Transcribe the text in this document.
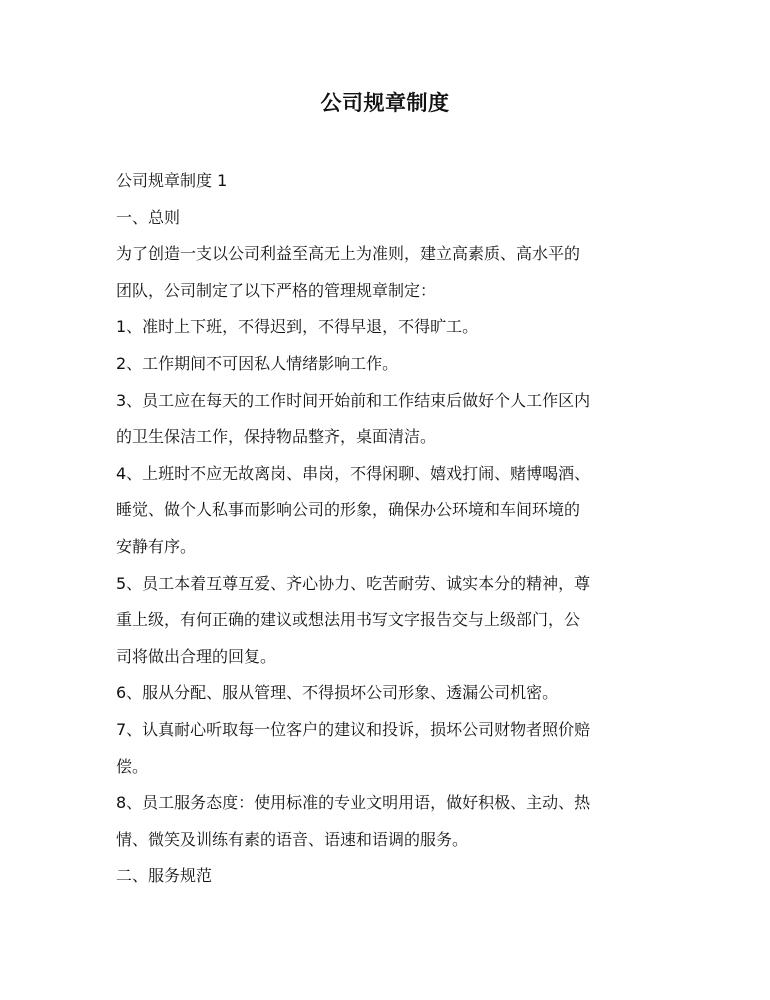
公司规章制度
公司规章制度 1
一、总则
为了创造一支以公司利益至高无上为准则，建立高素质、高水平的
团队，公司制定了以下严格的管理规章制定：
1、准时上下班，不得迟到，不得早退，不得旷工。
2、工作期间不可因私人情绪影响工作。
3、员工应在每天的工作时间开始前和工作结束后做好个人工作区内
的卫生保洁工作，保持物品整齐，桌面清洁。
4、上班时不应无故离岗、串岗，不得闲聊、嬉戏打闹、赌博喝酒、
睡觉、做个人私事而影响公司的形象，确保办公环境和车间环境的
安静有序。
5、员工本着互尊互爱、齐心协力、吃苦耐劳、诚实本分的精神，尊
重上级，有何正确的建议或想法用书写文字报告交与上级部门，公
司将做出合理的回复。
6、服从分配、服从管理、不得损坏公司形象、透漏公司机密。
7、认真耐心听取每一位客户的建议和投诉，损坏公司财物者照价赔
偿。
8、员工服务态度：使用标准的专业文明用语，做好积极、主动、热
情、微笑及训练有素的语音、语速和语调的服务。
二、服务规范
